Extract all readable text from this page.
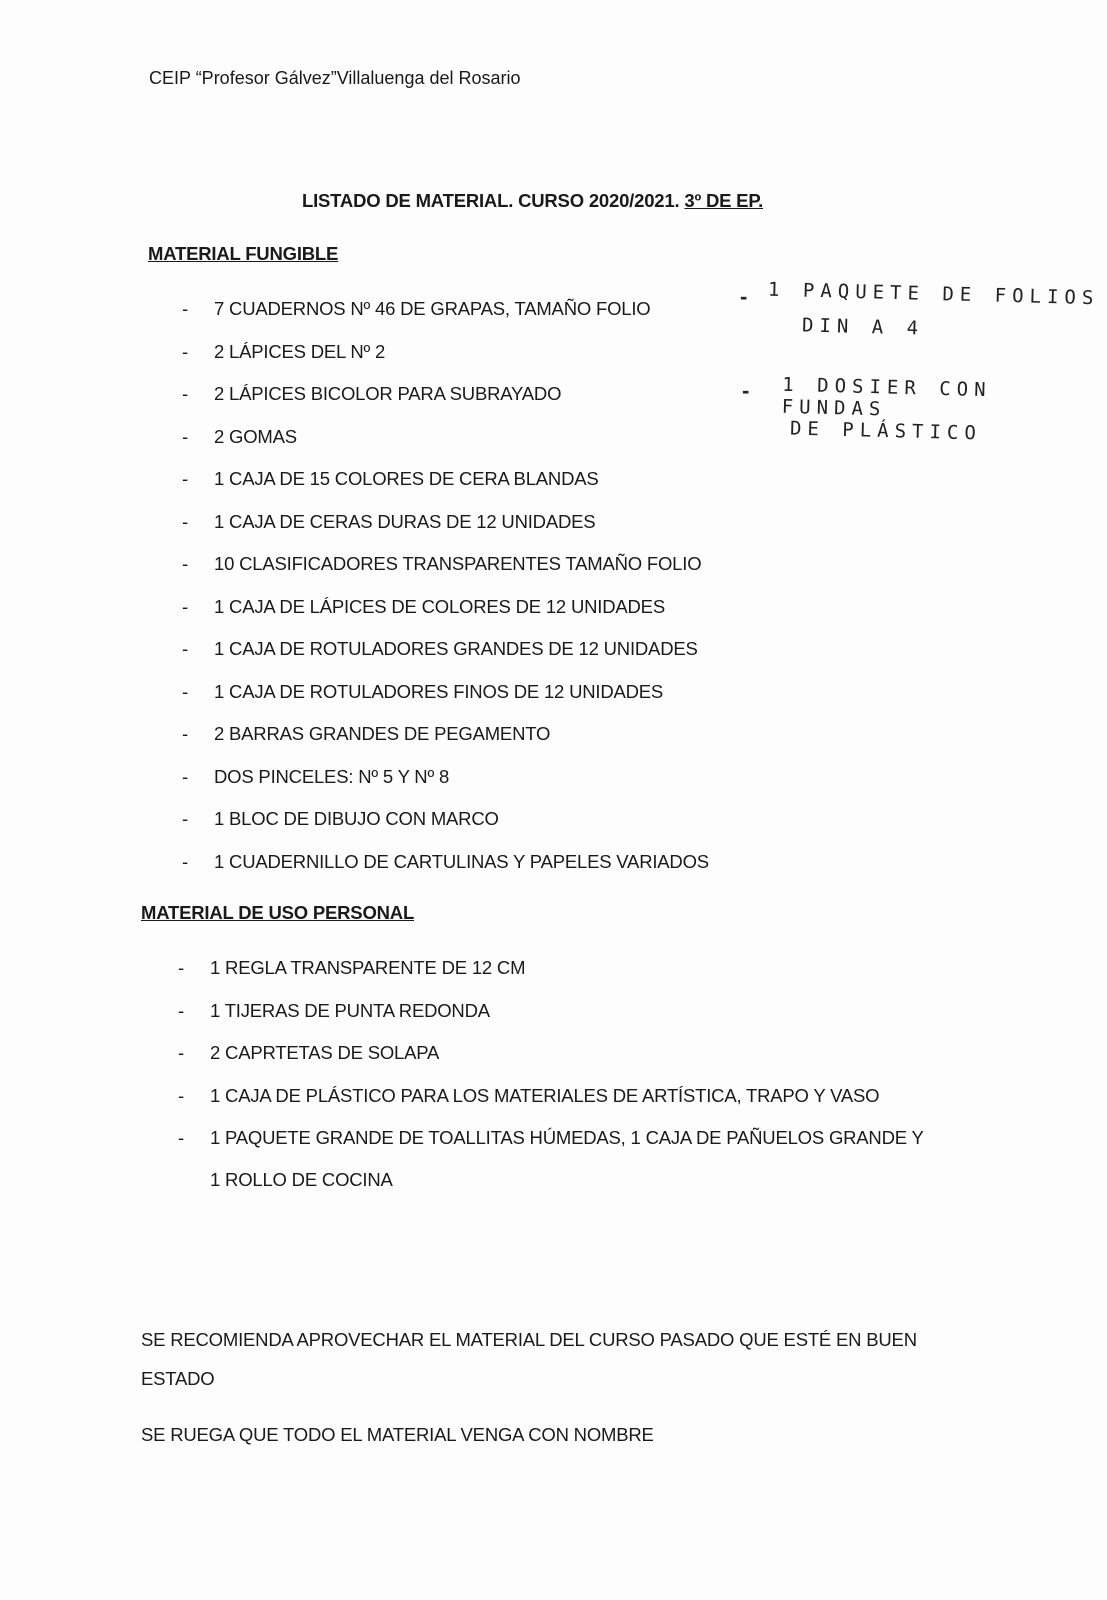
CEIP “Profesor Gálvez”Villaluenga del Rosario
LISTADO DE MATERIAL. CURSO 2020/2021. 3º DE EP.
MATERIAL FUNGIBLE
- 7 CUADERNOS Nº 46 DE GRAPAS, TAMAÑO FOLIO
- 2 LÁPICES DEL Nº 2
- 2 LÁPICES BICOLOR PARA SUBRAYADO
- 2 GOMAS
- 1 CAJA DE 15 COLORES DE CERA BLANDAS
- 1 CAJA DE CERAS DURAS DE 12 UNIDADES
- 10 CLASIFICADORES TRANSPARENTES TAMAÑO FOLIO
- 1 CAJA DE LÁPICES DE COLORES DE 12 UNIDADES
- 1 CAJA DE ROTULADORES GRANDES DE 12 UNIDADES
- 1 CAJA DE ROTULADORES FINOS DE 12 UNIDADES
- 2 BARRAS GRANDES DE PEGAMENTO
- DOS PINCELES: Nº 5 Y Nº 8
- 1 BLOC DE DIBUJO CON MARCO
- 1 CUADERNILLO DE CARTULINAS Y PAPELES VARIADOS
- 1 PAQUETE DE FOLIOS
DIN A 4
- 1 DOSIER CON FUNDAS
DE PLÁSTICO
MATERIAL DE USO PERSONAL
- 1 REGLA TRANSPARENTE DE 12 CM
- 1 TIJERAS DE PUNTA REDONDA
- 2 CAPRTETAS DE SOLAPA
- 1 CAJA DE PLÁSTICO PARA LOS MATERIALES DE ARTÍSTICA, TRAPO Y VASO
- 1 PAQUETE GRANDE DE TOALLITAS HÚMEDAS, 1 CAJA DE PAÑUELOS GRANDE Y
1 ROLLO DE COCINA
SE RECOMIENDA APROVECHAR EL MATERIAL DEL CURSO PASADO QUE ESTÉ EN BUEN
ESTADO
SE RUEGA QUE TODO EL MATERIAL VENGA CON NOMBRE
